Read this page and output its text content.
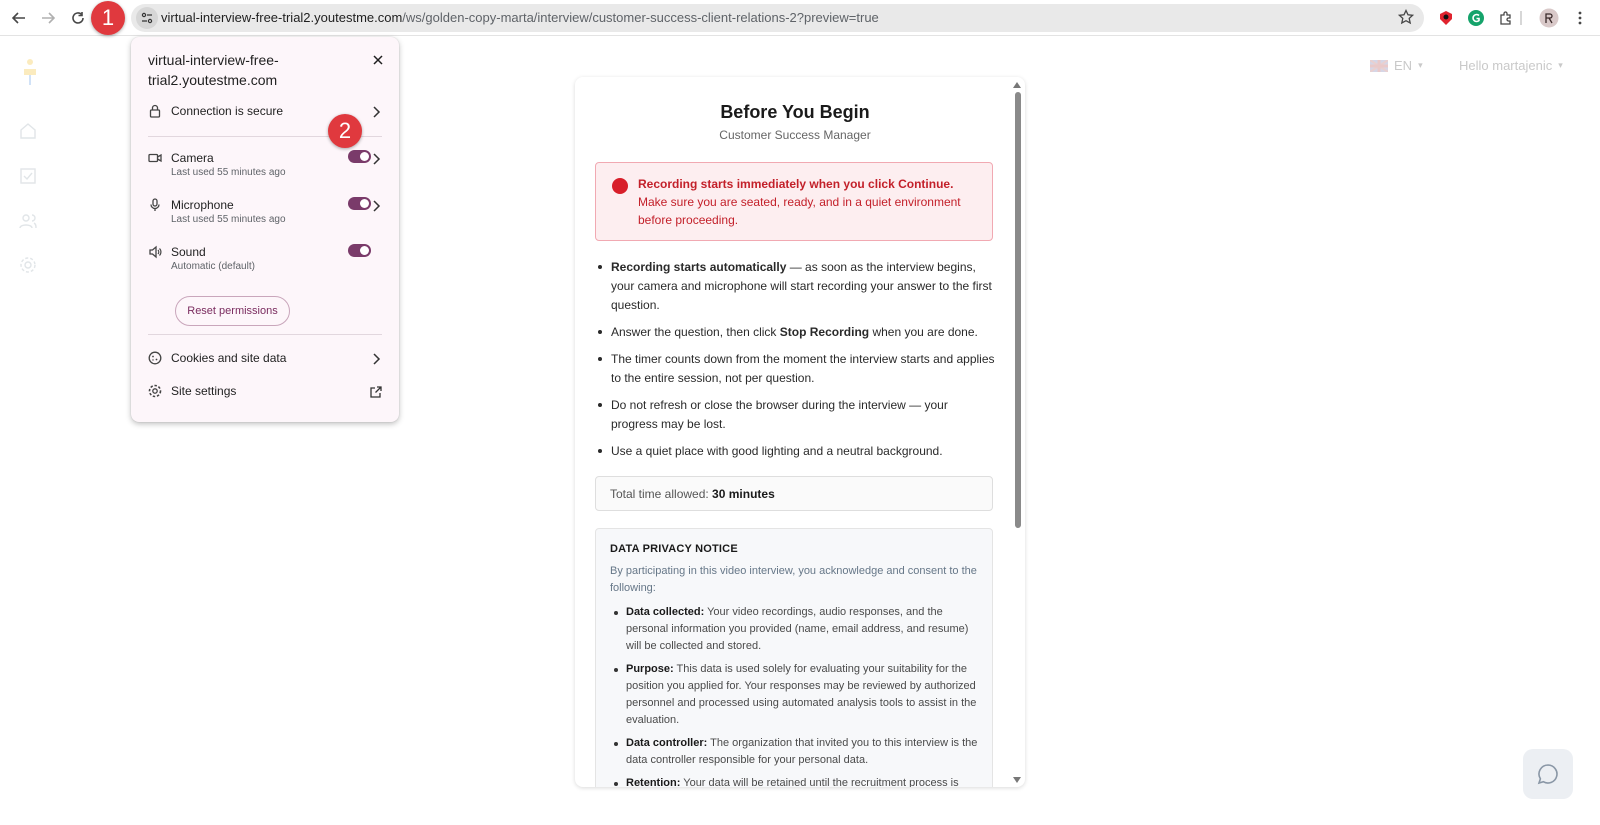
virtual-interview-free-trial2.youtestme.com/ws/golden-copy-marta/interview/customer-success-client-relations-2?preview=true
EN ▾	Hello martajenic ▾
Before You Begin
Customer Success Manager
Recording starts immediately when you click Continue.
Make sure you are seated, ready, and in a quiet environment before proceeding.
Recording starts automatically — as soon as the interview begins, your camera and microphone will start recording your answer to the first question.
Answer the question, then click Stop Recording when you are done.
The timer counts down from the moment the interview starts and applies to the entire session, not per question.
Do not refresh or close the browser during the interview — your progress may be lost.
Use a quiet place with good lighting and a neutral background.
Total time allowed: 30 minutes
DATA PRIVACY NOTICE
By participating in this video interview, you acknowledge and consent to the following:
Data collected: Your video recordings, audio responses, and the personal information you provided (name, email address, and resume) will be collected and stored.
Purpose: This data is used solely for evaluating your suitability for the position you applied for. Your responses may be reviewed by authorized personnel and processed using automated analysis tools to assist in the evaluation.
Data controller: The organization that invited you to this interview is the data controller responsible for your personal data.
Retention: Your data will be retained until the recruitment process is
virtual-interview-free-trial2.youtestme.com
Connection is secure
Camera
Last used 55 minutes ago
Microphone
Last used 55 minutes ago
Sound
Automatic (default)
Reset permissions
Cookies and site data
Site settings
1
2
